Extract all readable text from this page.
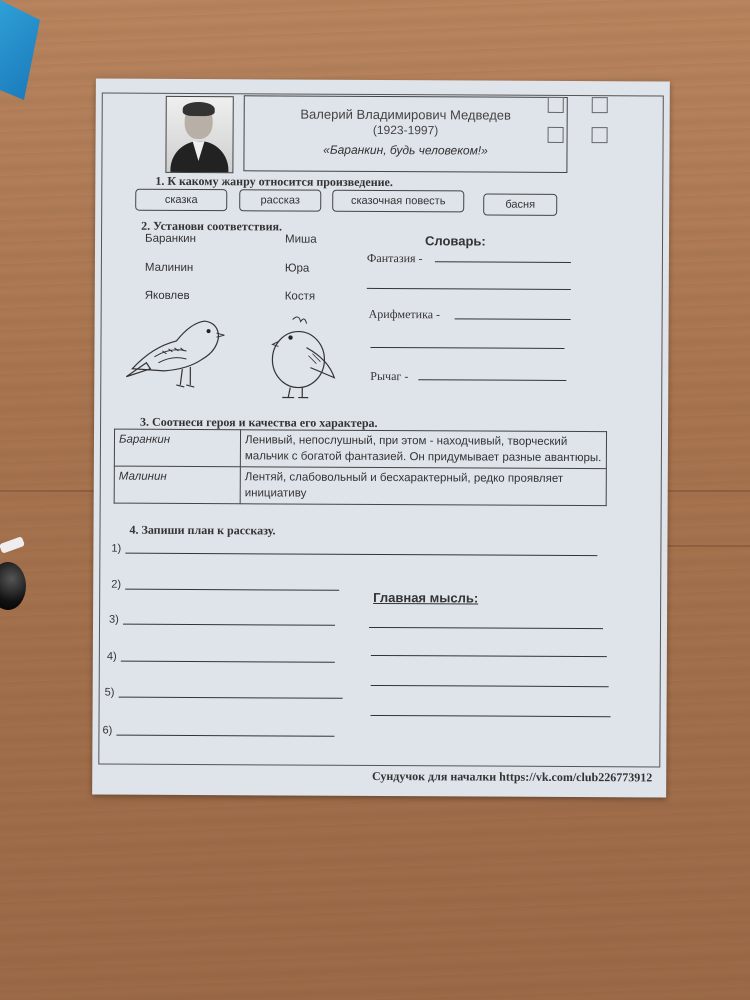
Валерий Владимирович Медведев
(1923-1997)
«Баранкин, будь человеком!»
1. К какому жанру относится произведение.
сказка	рассказ	сказочная повесть	басня
2. Установи соответствия.
Баранкин
Малинин
Яковлев
Миша
Юра
Костя
Словарь:
Фантазия -
Арифметика -
Рычаг -
3. Соотнеси героя и качества его характера.
Баранкин	Ленивый, непослушный, при этом - находчивый, творческий мальчик с богатой фантазией. Он придумывает разные авантюры.
Малинин	Лентяй, слабовольный и бесхарактерный, редко проявляет инициативу
4. Запиши план к рассказу.
1)
2)
3)
4)
5)
6)
Главная мысль:
Сундучок для началки https://vk.com/club226773912
